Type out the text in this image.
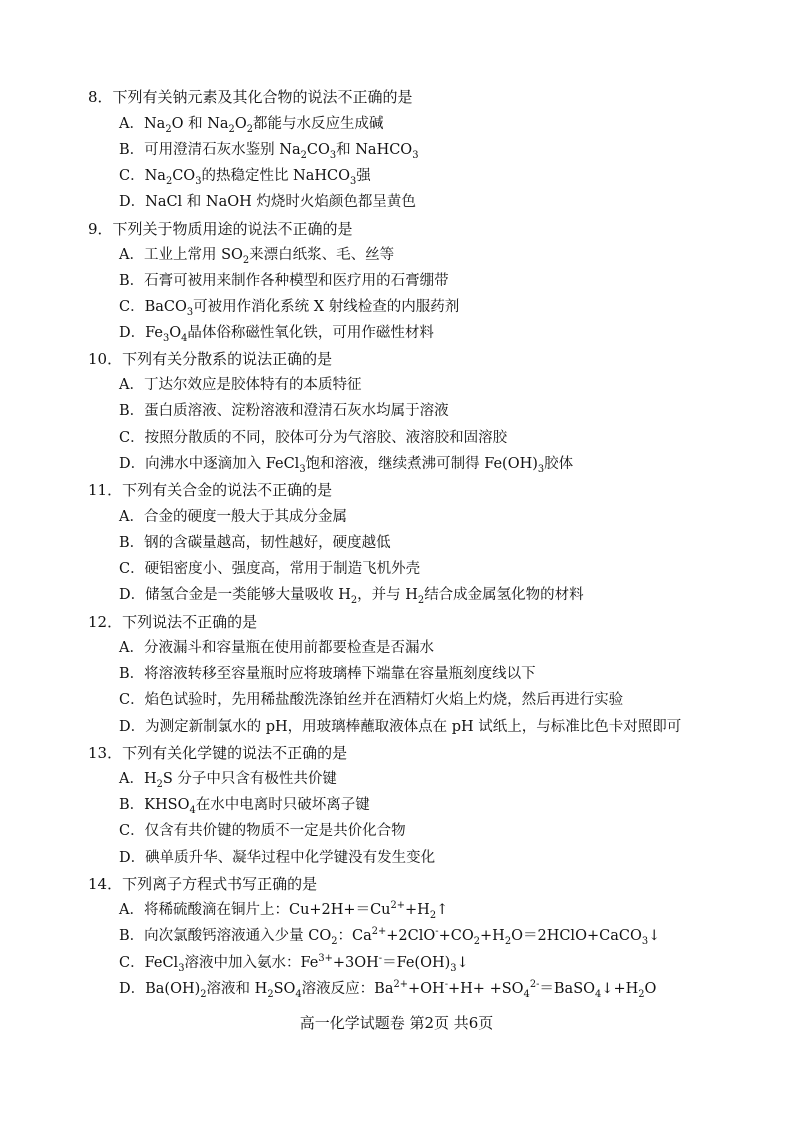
8．下列有关钠元素及其化合物的说法不正确的是
A．$Na_2O$ 和 $Na_2O_2$都能与水反应生成碱
B．可用澄清石灰水鉴别 $Na_2CO_3$和 NaHCO$_3$
C．$Na_2CO_3$的热稳定性比 NaHCO$_3$强
D．NaCl 和 NaOH 灼烧时火焰颜色都呈黄色
9．下列关于物质用途的说法不正确的是
A．工业上常用 $SO_2$来漂白纸浆、毛、丝等
B．石膏可被用来制作各种模型和医疗用的石膏绷带
C．BaCO$_3$可被用作消化系统 X 射线检查的内服药剂
D．$Fe_3O_4$晶体俗称磁性氧化铁，可用作磁性材料
10．下列有关分散系的说法正确的是
A．丁达尔效应是胶体特有的本质特征
B．蛋白质溶液、淀粉溶液和澄清石灰水均属于溶液
C．按照分散质的不同，胶体可分为气溶胶、液溶胶和固溶胶
D．向沸水中逐滴加入 FeCl$_3$饱和溶液，继续煮沸可制得 $Fe(OH)_3$胶体
11．下列有关合金的说法不正确的是
A．合金的硬度一般大于其成分金属
B．钢的含碳量越高，韧性越好，硬度越低
C．硬铝密度小、强度高，常用于制造飞机外壳
D．储氢合金是一类能够大量吸收 $H_2$，并与 $H_2$结合成金属氢化物的材料
12．下列说法不正确的是
A．分液漏斗和容量瓶在使用前都要检查是否漏水
B．将溶液转移至容量瓶时应将玻璃棒下端靠在容量瓶刻度线以下
C．焰色试验时，先用稀盐酸洗涤铂丝并在酒精灯火焰上灼烧，然后再进行实验
D．为测定新制氯水的 pH，用玻璃棒蘸取液体点在 pH 试纸上，与标准比色卡对照即可
13．下列有关化学键的说法不正确的是
A．$H_2S$ 分子中只含有极性共价键
B．$KHSO_4$在水中电离时只破坏离子键
C．仅含有共价键的物质不一定是共价化合物
D．碘单质升华、凝华过程中化学键没有发生变化
14．下列离子方程式书写正确的是
A．将稀硫酸滴在铜片上：$Cu+2H+=Cu^{2+}+H_2↑$
B．向次氯酸钙溶液通入少量 $CO_2$：$Ca^{2+}+2ClO^-+CO_2+H_2O=2HClO+CaCO_3↓$
C．FeCl$_3$溶液中加入氨水：$Fe^{3+}+3OH^-=Fe(OH)_3↓$
D．$Ba(OH)_2$溶液和 $H_2SO_4$溶液反应：$Ba^{2+}+OH^-+H+$ $+SO_4^{2-}=BaSO_4↓+H_2O$
高一化学试题卷 第2页 共6页
